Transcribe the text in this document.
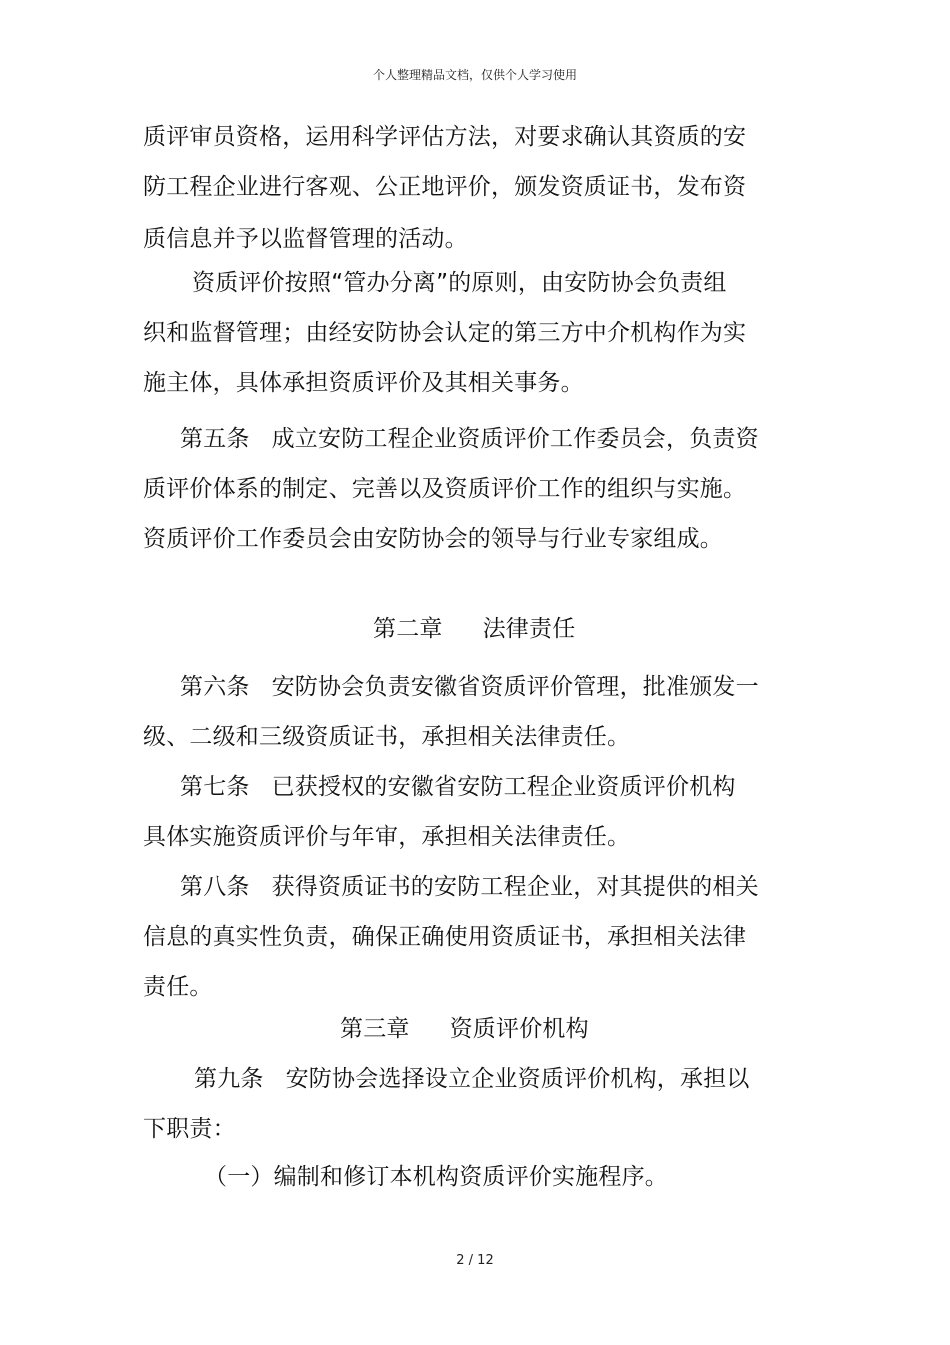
个人整理精品文档，仅供个人学习使用
质评审员资格，运用科学评估方法，对要求确认其资质的安
防工程企业进行客观、公正地评价，颁发资质证书，发布资
质信息并予以监督管理的活动。
资质评价按照“管办分离”的原则，由安防协会负责组
织和监督管理；由经安防协会认定的第三方中介机构作为实
施主体，具体承担资质评价及其相关事务。
第五条 成立安防工程企业资质评价工作委员会，负责资
质评价体系的制定、完善以及资质评价工作的组织与实施。
资质评价工作委员会由安防协会的领导与行业专家组成。
第二章 法律责任
第六条 安防协会负责安徽省资质评价管理，批准颁发一
级、二级和三级资质证书，承担相关法律责任。
第七条 已获授权的安徽省安防工程企业资质评价机构
具体实施资质评价与年审，承担相关法律责任。
第八条 获得资质证书的安防工程企业，对其提供的相关
信息的真实性负责，确保正确使用资质证书，承担相关法律
责任。
第三章 资质评价机构
第九条 安防协会选择设立企业资质评价机构，承担以
下职责：
（一）编制和修订本机构资质评价实施程序。
2 / 12
